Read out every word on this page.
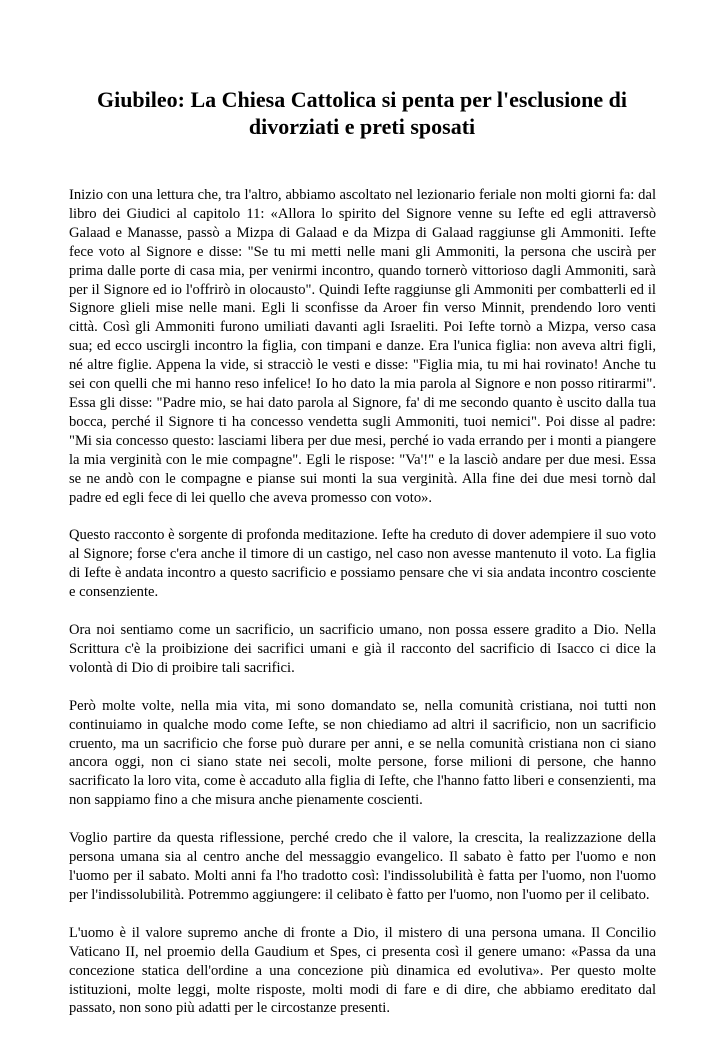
Giubileo: La Chiesa Cattolica si penta per l'esclusione di divorziati e preti sposati

Inizio con una lettura che, tra l'altro, abbiamo ascoltato nel lezionario feriale non molti giorni fa: dal libro dei Giudici al capitolo 11: «Allora lo spirito del Signore venne su Iefte ed egli attraversò Galaad e Manasse, passò a Mizpa di Galaad e da Mizpa di Galaad raggiunse gli Ammoniti. Iefte fece voto al Signore e disse: "Se tu mi metti nelle mani gli Ammoniti, la persona che uscirà per prima dalle porte di casa mia, per venirmi incontro, quando tornerò vittorioso dagli Ammoniti, sarà per il Signore ed io l'offrirò in olocausto". Quindi Iefte raggiunse gli Ammoniti per combatterli ed il Signore glieli mise nelle mani. Egli li sconfisse da Aroer fin verso Minnit, prendendo loro venti città. Così gli Ammoniti furono umiliati davanti agli Israeliti. Poi Iefte tornò a Mizpa, verso casa sua; ed ecco uscirgli incontro la figlia, con timpani e danze. Era l'unica figlia: non aveva altri figli, né altre figlie. Appena la vide, si stracciò le vesti e disse: "Figlia mia, tu mi hai rovinato! Anche tu sei con quelli che mi hanno reso infelice! Io ho dato la mia parola al Signore e non posso ritirarmi". Essa gli disse: "Padre mio, se hai dato parola al Signore, fa' di me secondo quanto è uscito dalla tua bocca, perché il Signore ti ha concesso vendetta sugli Ammoniti, tuoi nemici". Poi disse al padre: "Mi sia concesso questo: lasciami libera per due mesi, perché io vada errando per i monti a piangere la mia verginità con le mie compagne". Egli le rispose: "Va'!" e la lasciò andare per due mesi. Essa se ne andò con le compagne e pianse sui monti la sua verginità. Alla fine dei due mesi tornò dal padre ed egli fece di lei quello che aveva promesso con voto».

Questo racconto è sorgente di profonda meditazione. Iefte ha creduto di dover adempiere il suo voto al Signore; forse c'era anche il timore di un castigo, nel caso non avesse mantenuto il voto. La figlia di Iefte è andata incontro a questo sacrificio e possiamo pensare che vi sia andata incontro cosciente e consenziente.

Ora noi sentiamo come un sacrificio, un sacrificio umano, non possa essere gradito a Dio. Nella Scrittura c'è la proibizione dei sacrifici umani e già il racconto del sacrificio di Isacco ci dice la volontà di Dio di proibire tali sacrifici.

Però molte volte, nella mia vita, mi sono domandato se, nella comunità cristiana, noi tutti non continuiamo in qualche modo come Iefte, se non chiediamo ad altri il sacrificio, non un sacrificio cruento, ma un sacrificio che forse può durare per anni, e se nella comunità cristiana non ci siano ancora oggi, non ci siano state nei secoli, molte persone, forse milioni di persone, che hanno sacrificato la loro vita, come è accaduto alla figlia di Iefte, che l'hanno fatto liberi e consenzienti, ma non sappiamo fino a che misura anche pienamente coscienti.

Voglio partire da questa riflessione, perché credo che il valore, la crescita, la realizzazione della persona umana sia al centro anche del messaggio evangelico. Il sabato è fatto per l'uomo e non l'uomo per il sabato. Molti anni fa l'ho tradotto così: l'indissolubilità è fatta per l'uomo, non l'uomo per l'indissolubilità. Potremmo aggiungere: il celibato è fatto per l'uomo, non l'uomo per il celibato.

L'uomo è il valore supremo anche di fronte a Dio, il mistero di una persona umana. Il Concilio Vaticano II, nel proemio della Gaudium et Spes, ci presenta così il genere umano: «Passa da una concezione statica dell'ordine a una concezione più dinamica ed evolutiva». Per questo molte istituzioni, molte leggi, molte risposte, molti modi di fare e di dire, che abbiamo ereditato dal passato, non sono più adatti per le circostanze presenti.
